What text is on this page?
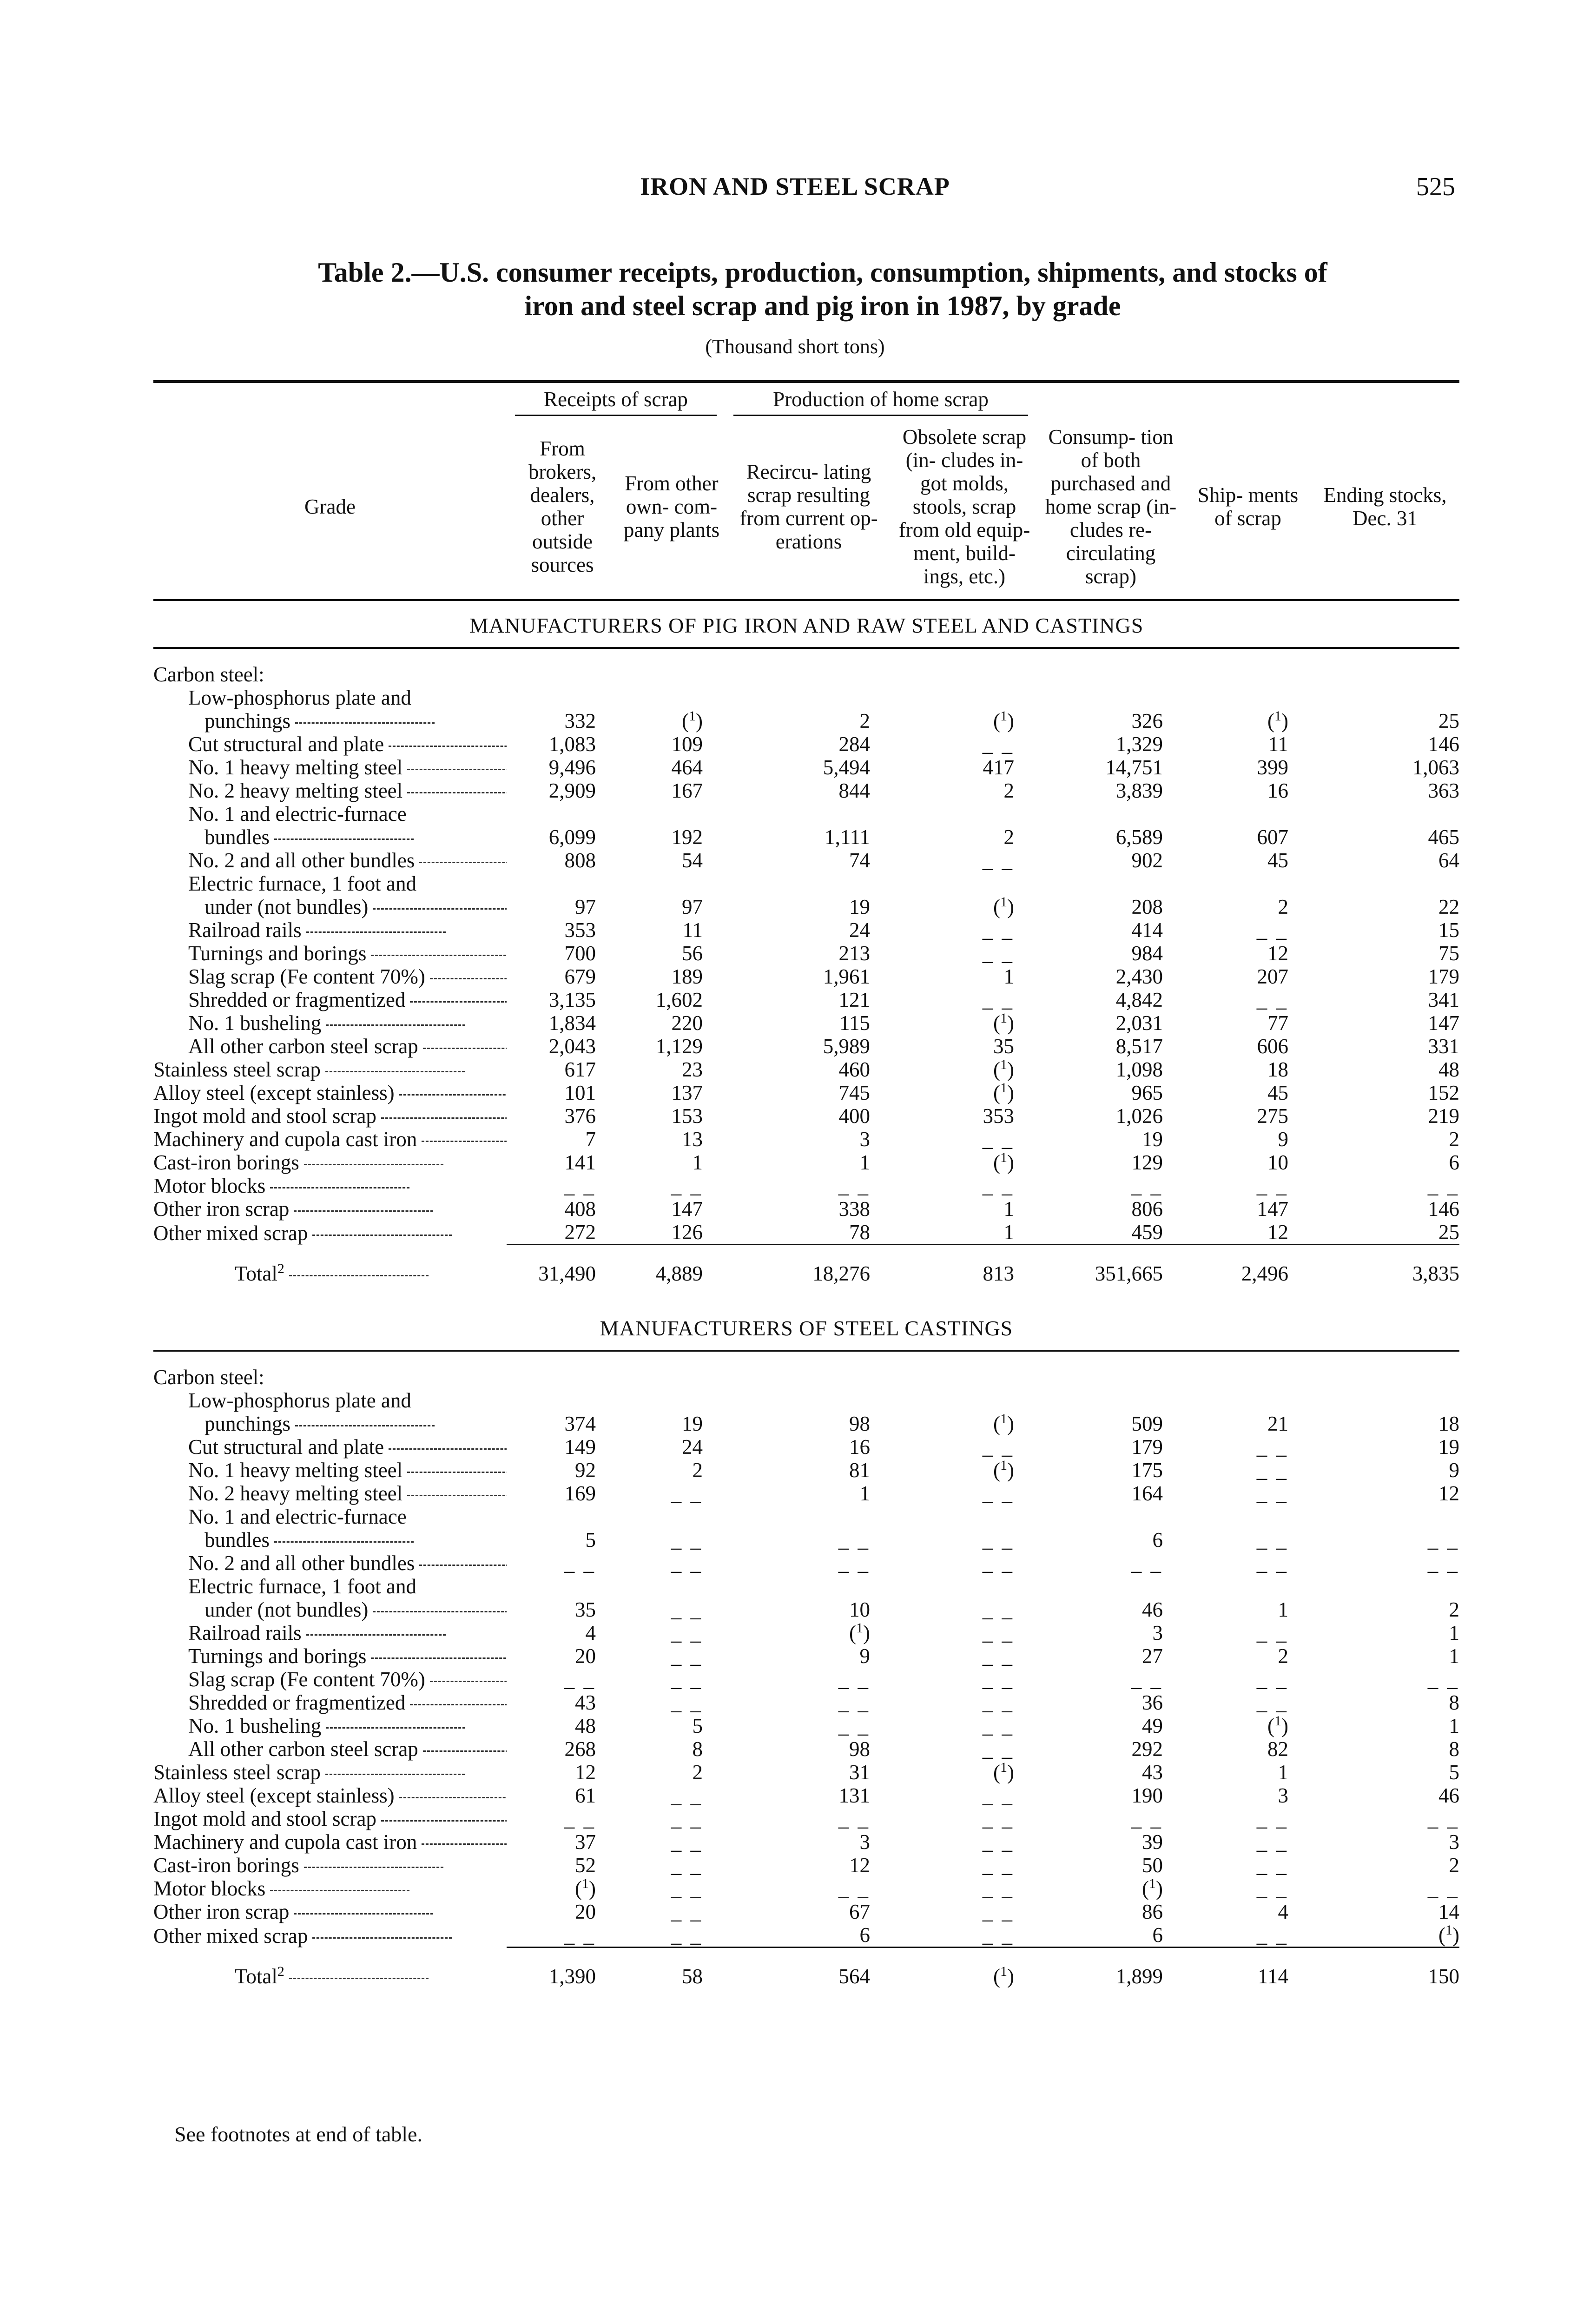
IRON AND STEEL SCRAP	525
Table 2.—U.S. consumer receipts, production, consumption, shipments, and stocks of
iron and steel scrap and pig iron in 1987, by grade
(Thousand short tons)

	Receipts of scrap		Production of home scrap				

Grade	From brokers, dealers, other outside sources	From other own- com- pany plants	Recircu- lating scrap resulting from current op- erations	Obsolete scrap (in- cludes in- got molds, stools, scrap from old equip- ment, build- ings, etc.)	Consump- tion of both purchased and home scrap (in- cludes re- circulating scrap)	Ship- ments of scrap	Ending stocks, Dec. 31
MANUFACTURERS OF PIG IRON AND RAW STEEL AND CASTINGS							

Carbon steel:							
Low-phosphorus plate and							
punchings	332	($^1$)	2	($^1$)	326	($^1$)	25
Cut structural and plate	1,083	109	284	_ _	1,329	11	146
No. 1 heavy melting steel	9,496	464	5,494	417	14,751	399	1,063
No. 2 heavy melting steel	2,909	167	844	2	3,839	16	363
No. 1 and electric-furnace							
bundles	6,099	192	1,111	2	6,589	607	465
No. 2 and all other bundles	808	54	74	_ _	902	45	64
Electric furnace, 1 foot and							
under (not bundles)	97	97	19	($^1$)	208	2	22
Railroad rails	353	11	24	_ _	414	_ _	15
Turnings and borings	700	56	213	_ _	984	12	75
Slag scrap (Fe content 70%)	679	189	1,961	1	2,430	207	179
Shredded or fragmentized	3,135	1,602	121	_ _	4,842	_ _	341
No. 1 busheling	1,834	220	115	($^1$)	2,031	77	147
All other carbon steel scrap	2,043	1,129	5,989	35	8,517	606	331
Stainless steel scrap	617	23	460	($^1$)	1,098	18	48
Alloy steel (except stainless)	101	137	745	($^1$)	965	45	152
Ingot mold and stool scrap	376	153	400	353	1,026	275	219
Machinery and cupola cast iron	7	13	3	_ _	19	9	2
Cast-iron borings	141	1	1	($^1$)	129	10	6
Motor blocks	_ _	_ _	_ _	_ _	_ _	_ _	_ _
Other iron scrap	408	147	338	1	806	147	146
Other mixed scrap	272	126	78	1	459	12	25

Total$^2$	31,490	4,889	18,276	813	351,665	2,496	3,835

MANUFACTURERS OF STEEL CASTINGS							

Carbon steel:							
Low-phosphorus plate and							
punchings	374	19	98	($^1$)	509	21	18
Cut structural and plate	149	24	16	_ _	179	_ _	19
No. 1 heavy melting steel	92	2	81	($^1$)	175	_ _	9
No. 2 heavy melting steel	169	_ _	1	_ _	164	_ _	12
No. 1 and electric-furnace							
bundles	5	_ _	_ _	_ _	6	_ _	_ _
No. 2 and all other bundles	_ _	_ _	_ _	_ _	_ _	_ _	_ _
Electric furnace, 1 foot and							
under (not bundles)	35	_ _	10	_ _	46	1	2
Railroad rails	4	_ _	($^1$)	_ _	3	_ _	1
Turnings and borings	20	_ _	9	_ _	27	2	1
Slag scrap (Fe content 70%)	_ _	_ _	_ _	_ _	_ _	_ _	_ _
Shredded or fragmentized	43	_ _	_ _	_ _	36	_ _	8
No. 1 busheling	48	5	_ _	_ _	49	($^1$)	1
All other carbon steel scrap	268	8	98	_ _	292	82	8
Stainless steel scrap	12	2	31	($^1$)	43	1	5
Alloy steel (except stainless)	61	_ _	131	_ _	190	3	46
Ingot mold and stool scrap	_ _	_ _	_ _	_ _	_ _	_ _	_ _
Machinery and cupola cast iron	37	_ _	3	_ _	39	_ _	3
Cast-iron borings	52	_ _	12	_ _	50	_ _	2
Motor blocks	($^1$)	_ _	_ _	_ _	($^1$)	_ _	_ _
Other iron scrap	20	_ _	67	_ _	86	4	14
Other mixed scrap	_ _	_ _	6	_ _	6	_ _	($^1$)

Total$^2$	1,390	58	564	($^1$)	1,899	114	150
See footnotes at end of table.
